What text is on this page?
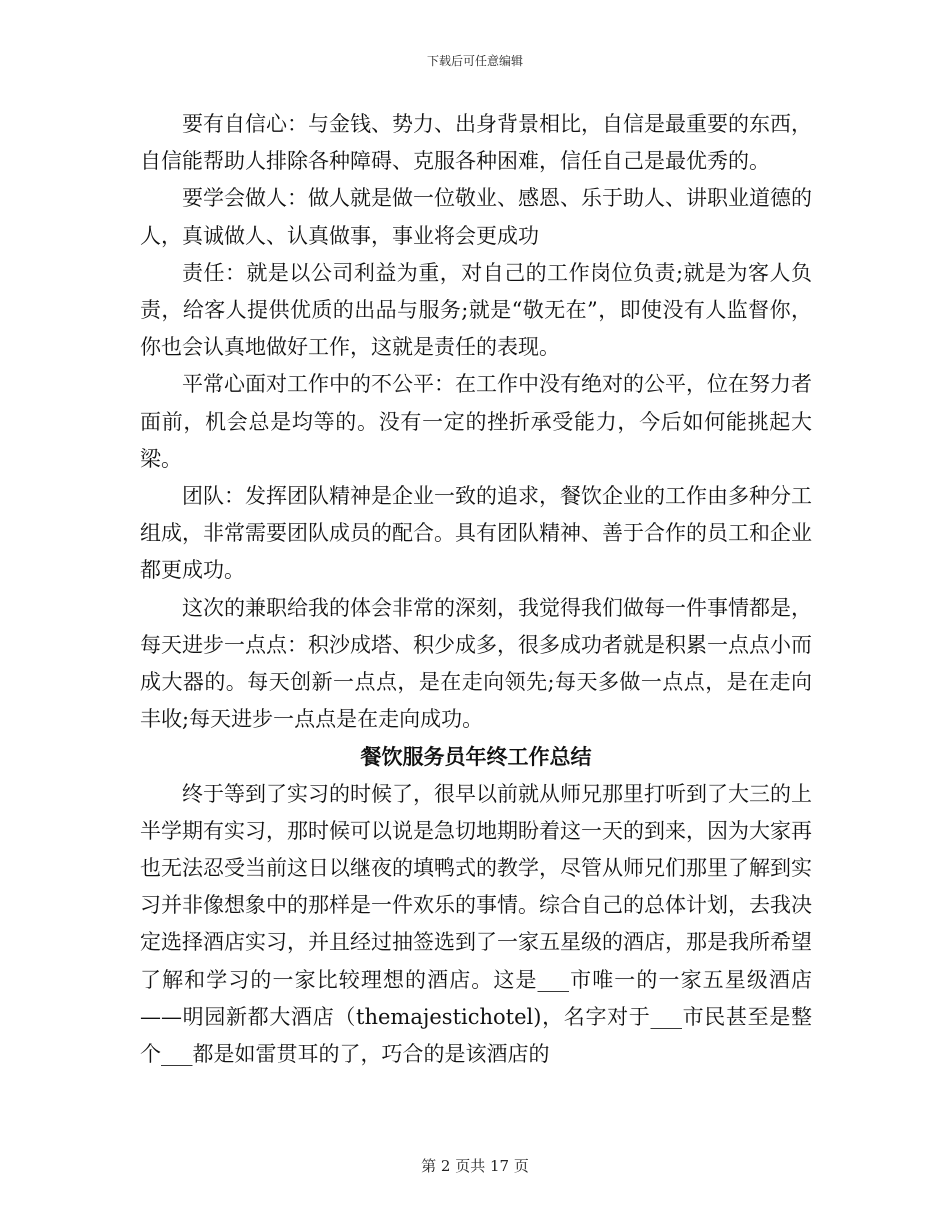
下载后可任意编辑

要有自信心：与金钱、势力、出身背景相比，自信是最重要的东西，自信能帮助人排除各种障碍、克服各种困难，信任自己是最优秀的。

要学会做人：做人就是做一位敬业、感恩、乐于助人、讲职业道德的人，真诚做人、认真做事，事业将会更成功

责任：就是以公司利益为重，对自己的工作岗位负责;就是为客人负责，给客人提供优质的出品与服务;就是“敬无在”，即使没有人监督你，你也会认真地做好工作，这就是责任的表现。

平常心面对工作中的不公平：在工作中没有绝对的公平，位在努力者面前，机会总是均等的。没有一定的挫折承受能力，今后如何能挑起大梁。

团队：发挥团队精神是企业一致的追求，餐饮企业的工作由多种分工组成，非常需要团队成员的配合。具有团队精神、善于合作的员工和企业都更成功。

这次的兼职给我的体会非常的深刻，我觉得我们做每一件事情都是，每天进步一点点：积沙成塔、积少成多，很多成功者就是积累一点点小而成大器的。每天创新一点点，是在走向领先;每天多做一点点，是在走向丰收;每天进步一点点是在走向成功。

餐饮服务员年终工作总结

终于等到了实习的时候了，很早以前就从师兄那里打听到了大三的上半学期有实习，那时候可以说是急切地期盼着这一天的到来，因为大家再也无法忍受当前这日以继夜的填鸭式的教学，尽管从师兄们那里了解到实习并非像想象中的那样是一件欢乐的事情。综合自己的总体计划，去我决定选择酒店实习，并且经过抽签选到了一家五星级的酒店，那是我所希望了解和学习的一家比较理想的酒店。这是___市唯一的一家五星级酒店——明园新都大酒店（themajestichotel)，名字对于___市民甚至是整个___都是如雷贯耳的了，巧合的是该酒店的

第 2 页共 17 页
